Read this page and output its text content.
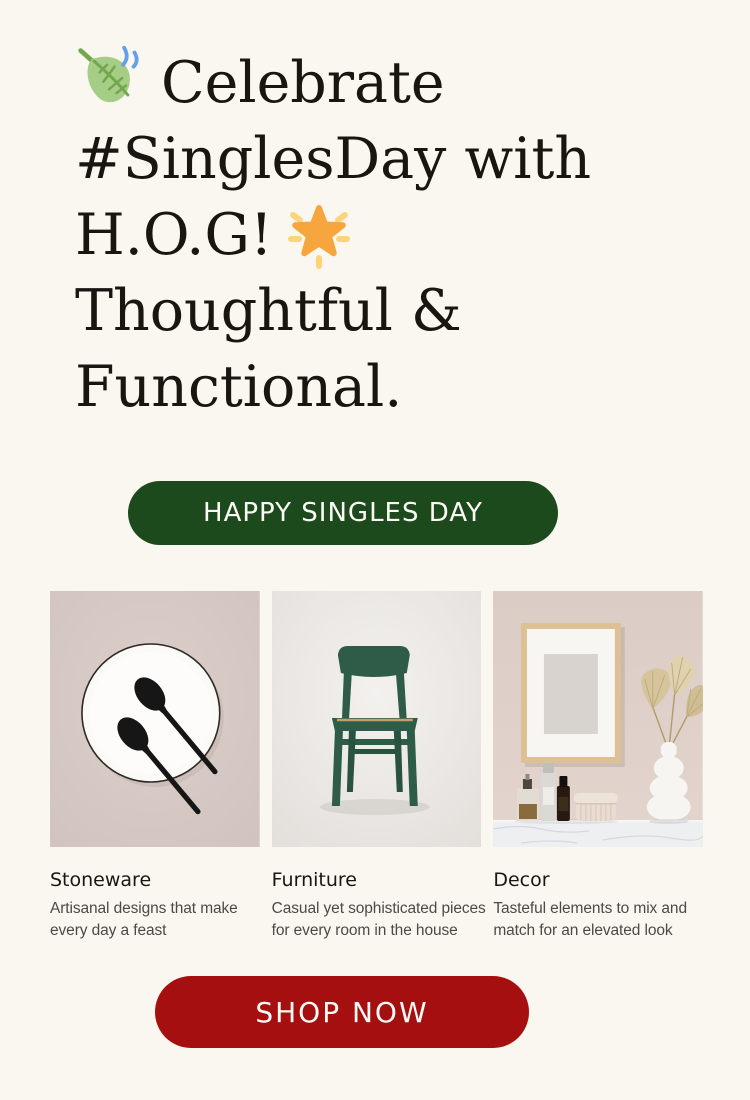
Celebrate
#SinglesDay with
H.O.G!
Thoughtful &
Functional.
HAPPY SINGLES DAY
Stoneware

Artisanal designs that make every day a feast

Furniture

Casual yet sophisticated pieces for every room in the house

Decor

Tasteful elements to mix and match for an elevated look

SHOP NOW
